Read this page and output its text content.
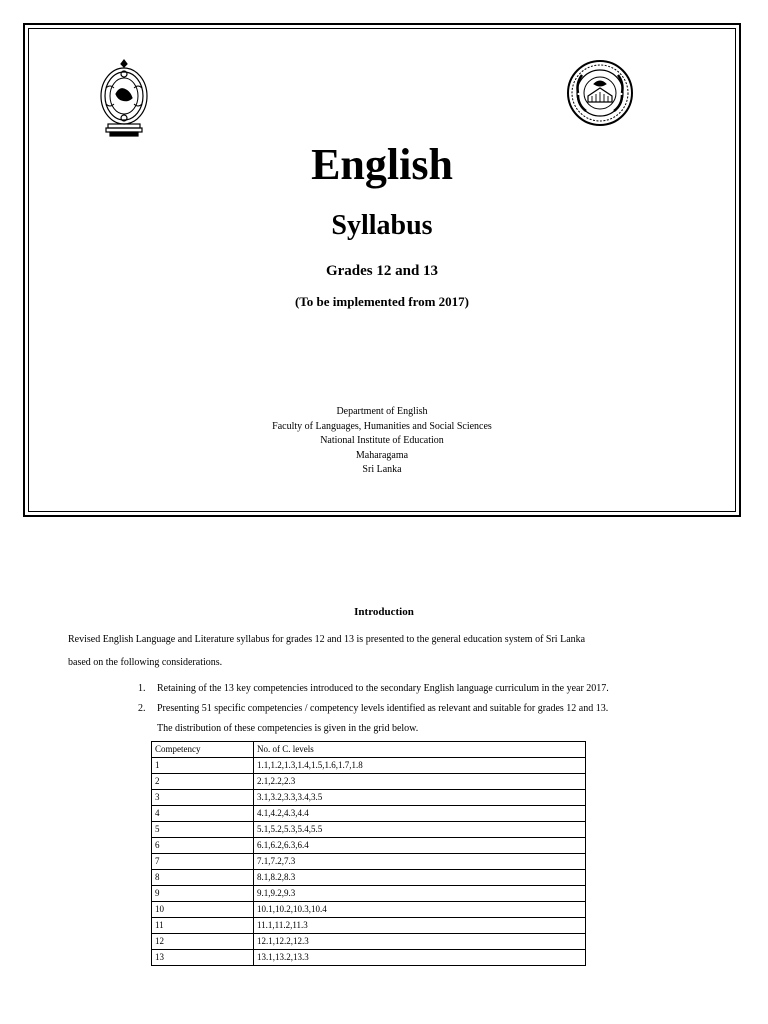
English
Syllabus
Grades 12 and 13
(To be implemented from 2017)
Department of English
Faculty of Languages, Humanities and Social Sciences
National Institute of Education
Maharagama
Sri Lanka
Introduction
Revised English Language and Literature syllabus for grades 12 and 13 is presented to the general education system of Sri Lanka
based on the following considerations.
1. Retaining of the 13 key competencies introduced to the secondary English language curriculum in the year 2017.
2. Presenting 51 specific competencies / competency levels identified as relevant and suitable for grades 12 and 13.
The distribution of these competencies is given in the grid below.
Competency	No. of C. levels
1	1.1,1.2,1.3,1.4,1.5,1.6,1.7,1.8
2	2.1,2.2,2.3
3	3.1,3.2,3.3,3.4,3.5
4	4.1,4.2,4.3,4.4
5	5.1,5.2,5.3,5.4,5.5
6	6.1,6.2,6.3,6.4
7	7.1,7.2,7.3
8	8.1,8.2,8.3
9	9.1,9.2,9.3
10	10.1,10.2,10.3,10.4
11	11.1,11.2,11.3
12	12.1,12.2,12.3
13	13.1,13.2,13.3
